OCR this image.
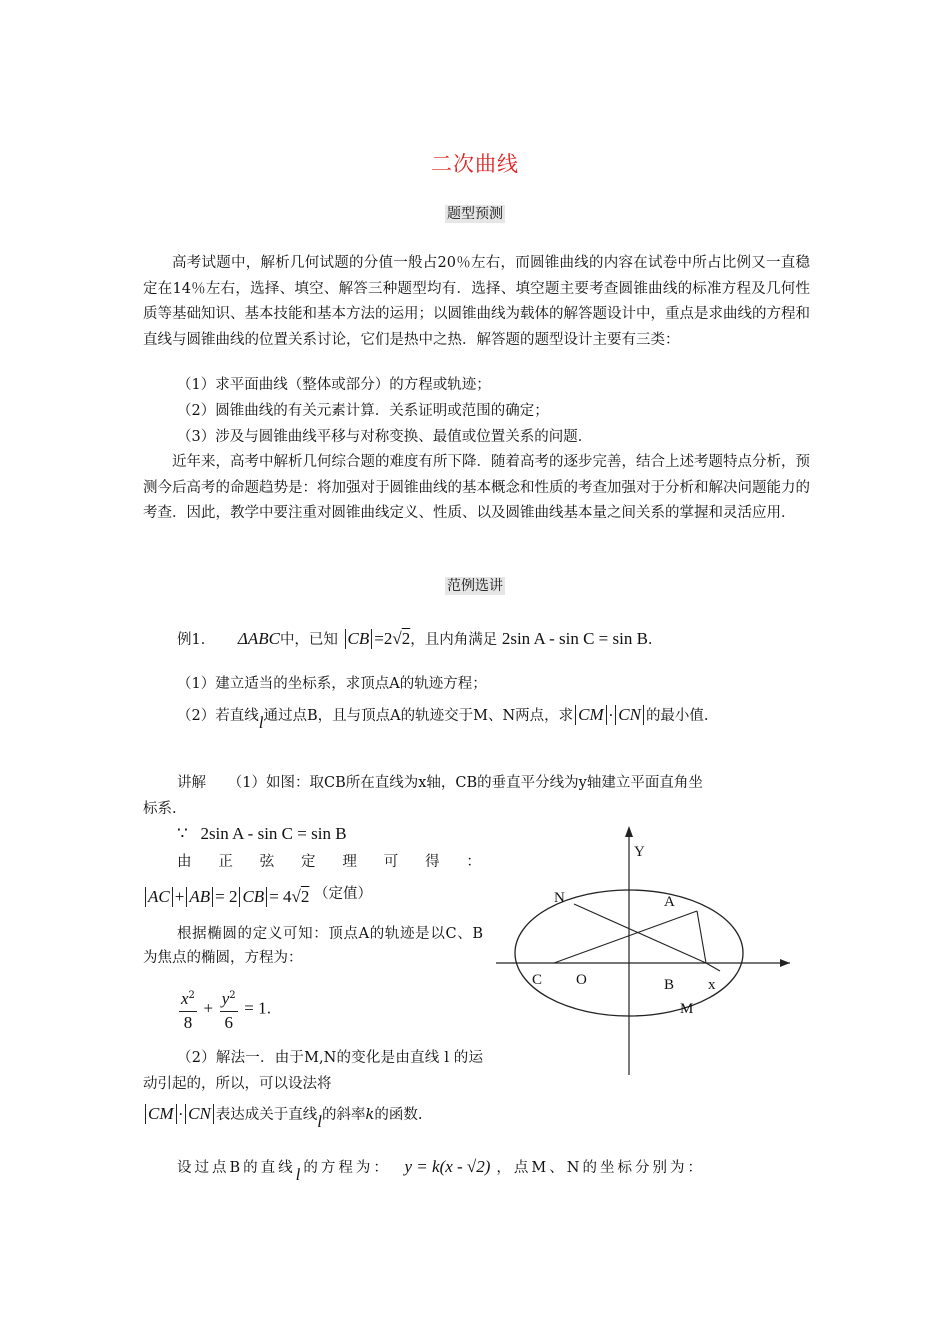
二次曲线
题型预测
高考试题中，解析几何试题的分值一般占20％左右，而圆锥曲线的内容在试卷中所占比例又一直稳定在14％左右，选择、填空、解答三种题型均有．选择、填空题主要考查圆锥曲线的标准方程及几何性质等基础知识、基本技能和基本方法的运用；以圆锥曲线为载体的解答题设计中，重点是求曲线的方程和直线与圆锥曲线的位置关系讨论，它们是热中之热．解答题的题型设计主要有三类：
（1）求平面曲线（整体或部分）的方程或轨迹；
（2）圆锥曲线的有关元素计算．关系证明或范围的确定；
（3）涉及与圆锥曲线平移与对称变换、最值或位置关系的问题．
近年来，高考中解析几何综合题的难度有所下降．随着高考的逐步完善，结合上述考题特点分析，预测今后高考的命题趋势是：将加强对于圆锥曲线的基本概念和性质的考查加强对于分析和解决问题能力的考查．因此，教学中要注重对圆锥曲线定义、性质、以及圆锥曲线基本量之间关系的掌握和灵活应用．
范例选讲
例1． ΔABC中，已知 CB =2√2，且内角满足 2sin A - sin C = sin B.
（1）建立适当的坐标系，求顶点A的轨迹方程；
（2）若直线l通过点B，且与顶点A的轨迹交于M、N两点，求 CM · CN 的最小值.
讲解　　（1）如图：取CB所在直线为x轴，CB的垂直平分线为y轴建立平面直角坐
标系.
∵ 2sin A - sin C = sin B
由 正 弦 定 理 可 得 ：
AC + AB = 2 CB = 4√2 （定值）
根据椭圆的定义可知：顶点A的轨迹是以C、B为焦点的椭圆，方程为：
$\frac{x^2}{8} + \frac{y^2}{6} = 1$.
（2）解法一．由于M,N的变化是由直线 l 的运动引起的，所以，可以设法将
CM · CN 表达成关于直线l的斜率k的函数.
设过点B的直线l的方程为： y = k(x - √2) ，点M、N的坐标分别为：
Y
N	A
C O	B x
M
